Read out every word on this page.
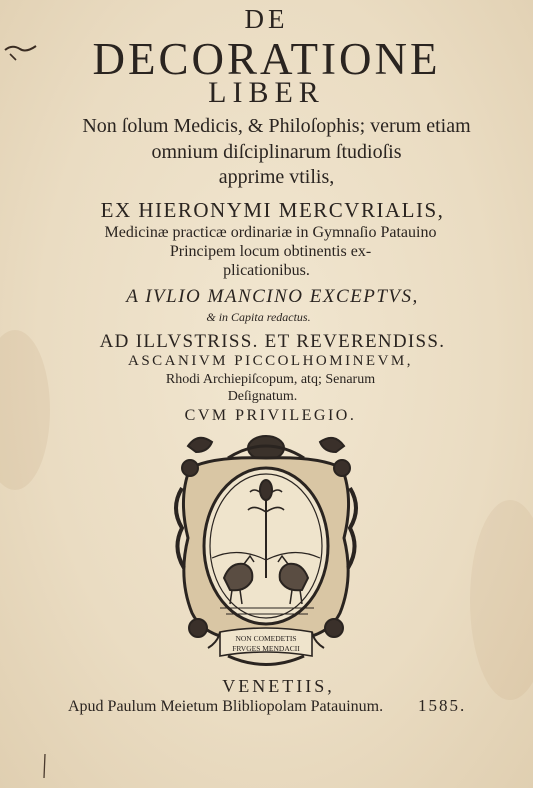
DE
DECORATIONE
LIBER
Non ſolum Medicis, & Philoſophis; verum etiam
omnium diſciplinarum ſtudioſis
apprime vtilis,
EX HIERONYMI MERCVRIALIS,
Medicinæ practicæ ordinariæ in Gymnaſio Patauino
Principem locum obtinentis ex-
plicationibus.
A IVLIO MANCINO EXCEPTVS,
& in Capita redactus.
AD ILLVSTRISS. ET REVERENDISS.
ASCANIVM PICCOLHOMINEVM,
Rhodi Archiepiſcopum, atq; Senarum
Deſignatum.
CVM PRIVILEGIO.
NON COMEDETIS
FRVGES MENDACII
VENETIIS,
Apud Paulum Meietum Blibliopolam Patauinum. 1585.
